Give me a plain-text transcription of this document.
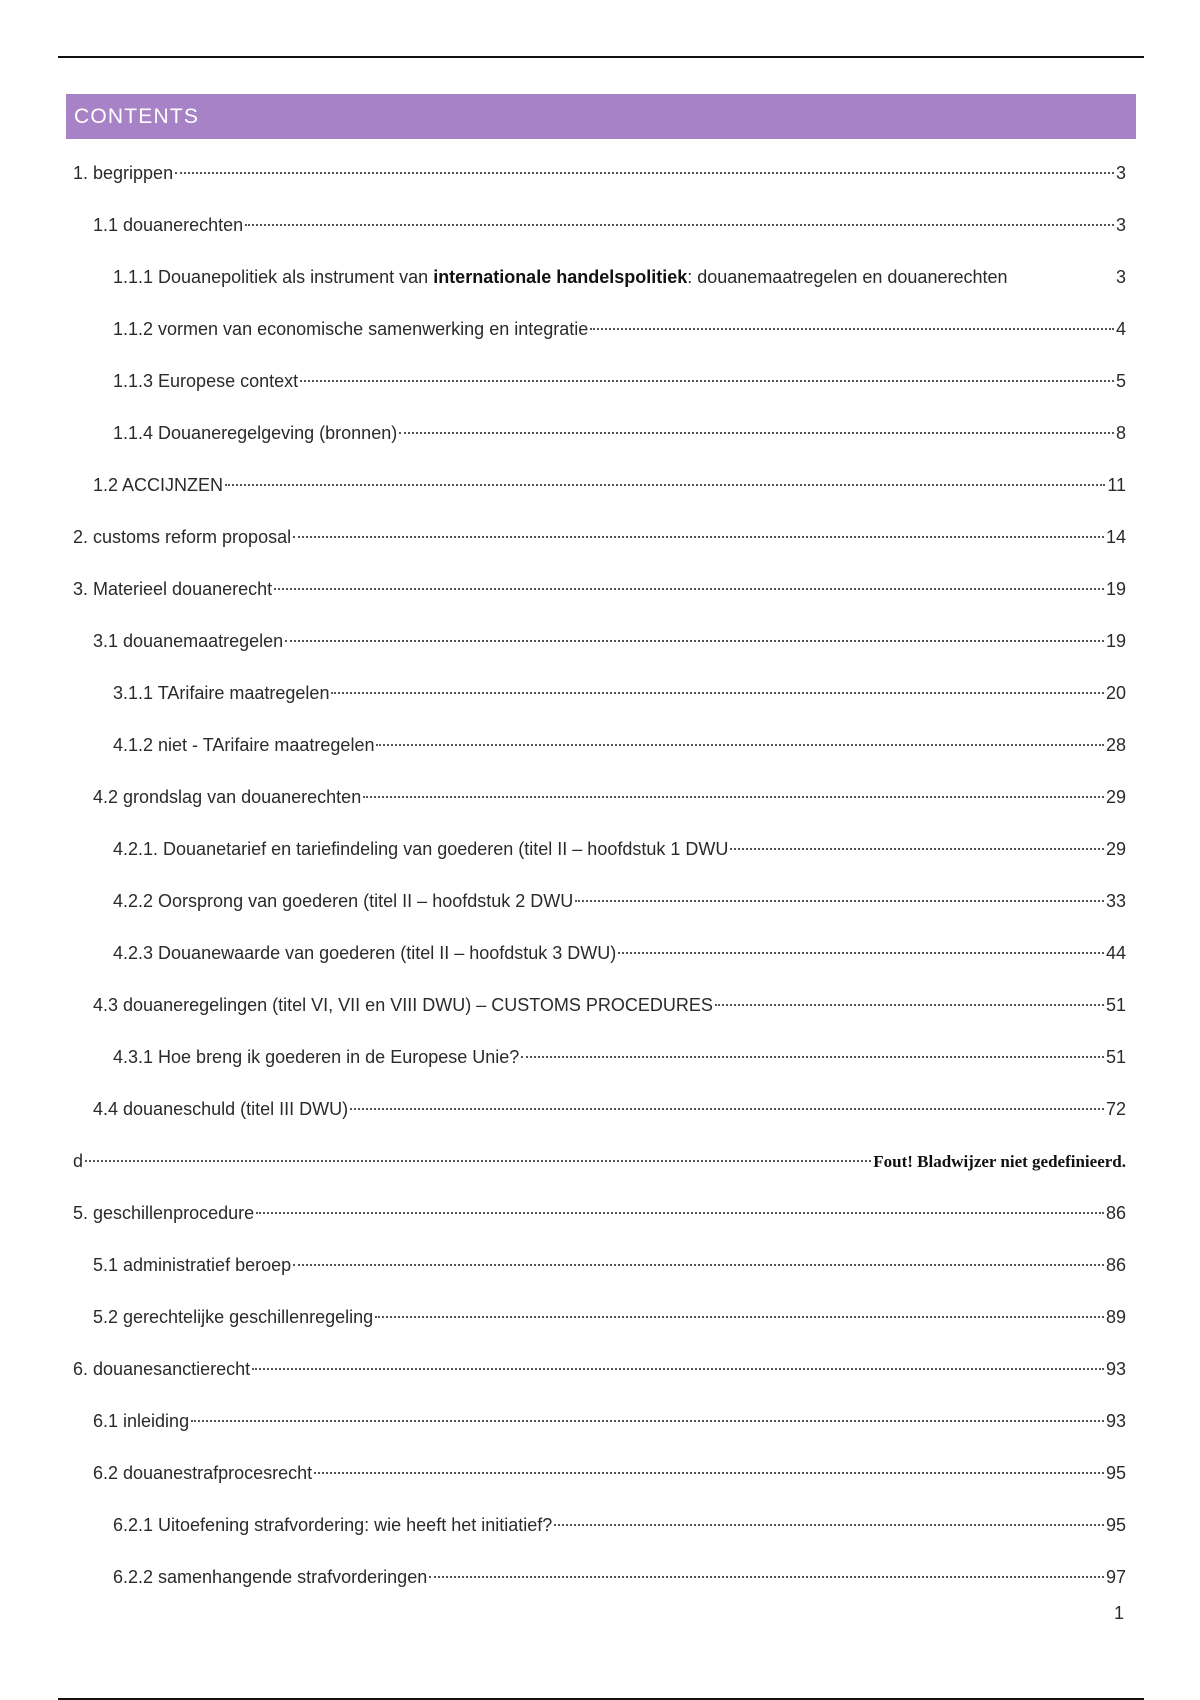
CONTENTS
1. begrippen	3
1.1 douanerechten	3
1.1.1 Douanepolitiek als instrument van internationale handelspolitiek: douanemaatregelen en douanerechten	3
1.1.2 vormen van economische samenwerking en integratie	4
1.1.3 Europese context	5
1.1.4 Douaneregelgeving (bronnen)	8
1.2 ACCIJNZEN	11
2. customs reform proposal	14
3. Materieel douanerecht	19
3.1 douanemaatregelen	19
3.1.1 TArifaire maatregelen	20
4.1.2 niet - TArifaire maatregelen	28
4.2 grondslag van douanerechten	29
4.2.1. Douanetarief en tariefindeling van goederen (titel II – hoofdstuk 1 DWU	29
4.2.2 Oorsprong van goederen (titel II – hoofdstuk 2 DWU	33
4.2.3 Douanewaarde van goederen (titel II – hoofdstuk 3 DWU)	44
4.3 douaneregelingen (titel VI, VII en VIII DWU) – CUSTOMS PROCEDURES	51
4.3.1 Hoe breng ik goederen in de Europese Unie?	51
4.4 douaneschuld (titel III DWU)	72
d	Fout! Bladwijzer niet gedefinieerd.
5. geschillenprocedure	86
5.1 administratief beroep	86
5.2 gerechtelijke geschillenregeling	89
6. douanesanctierecht	93
6.1 inleiding	93
6.2 douanestrafprocesrecht	95
6.2.1 Uitoefening strafvordering: wie heeft het initiatief?	95
6.2.2 samenhangende strafvorderingen	97
1
